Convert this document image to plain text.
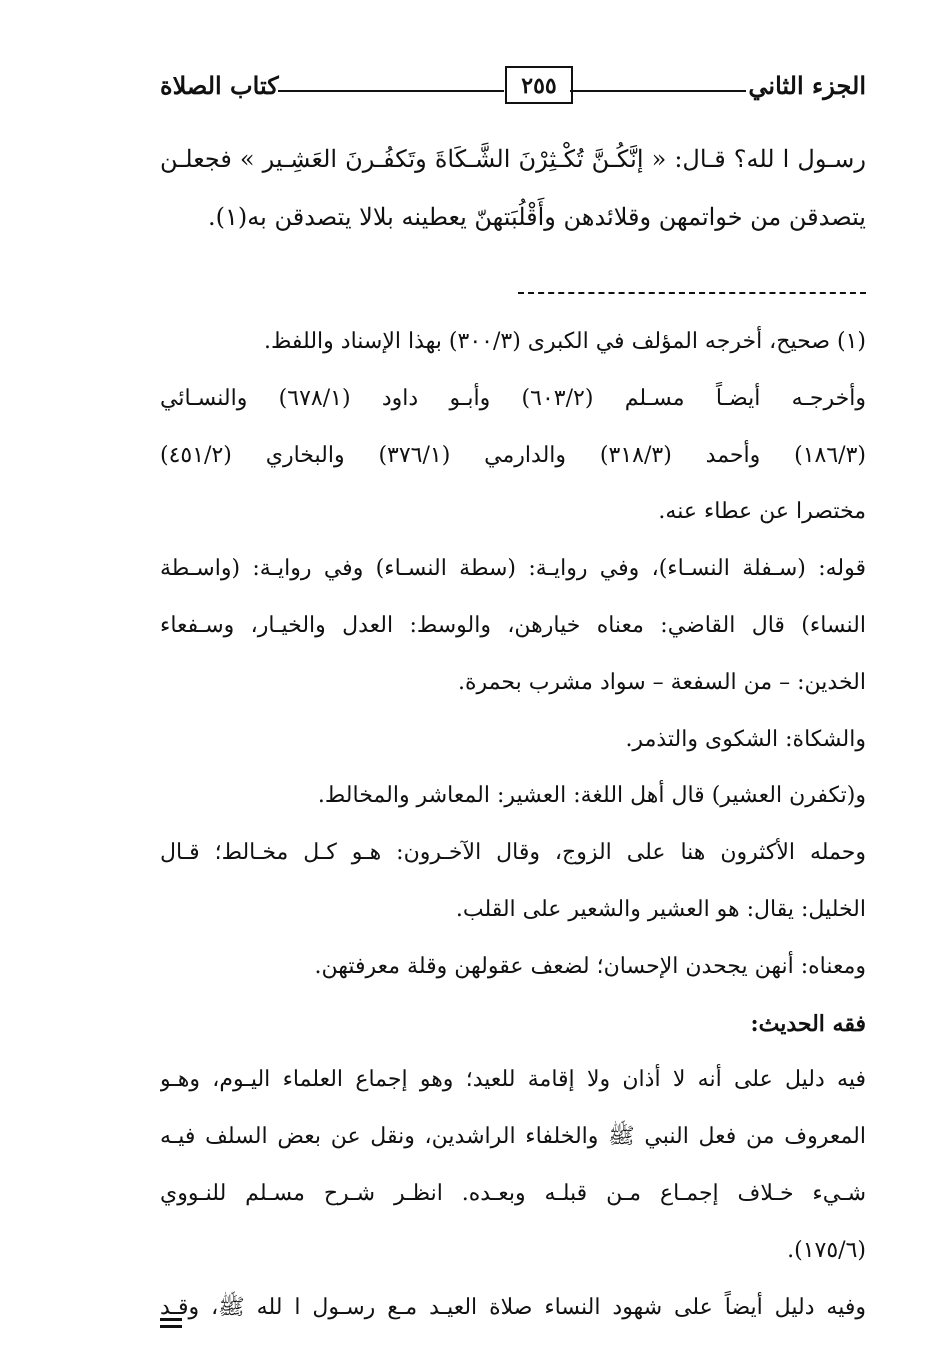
الجزء الثاني
٢٥٥
كتاب الصلاة
رسـول ا لله؟ قـال: « إنَّكُـنَّ تُكْـثِرْنَ الشَّـكَاةَ وتَكفُـرنَ العَشِـير » فجعلـن
يتصدقن من خواتمهن وقلائدهن وأَقْلُبَتهنّ يعطينه بلالا يتصدقن به(١).
(١) صحيح، أخرجه المؤلف في الكبرى (٣٠٠/٣) بهذا الإسناد واللفظ.
وأخرجـه أيضـاً مسـلم (٦٠٣/٢) وأبـو داود (٦٧٨/١) والنسـائي
(١٨٦/٣) وأحمد (٣١٨/٣) والدارمي (٣٧٦/١) والبخاري (٤٥١/٢)
مختصرا عن عطاء عنه.
قوله: (سـفلة النسـاء)، وفي روايـة: (سطة النسـاء) وفي روايـة: (واسـطة
النساء) قال القاضي: معناه خيارهن، والوسط: العدل والخيـار، وسـفعاء
الخدين: – من السفعة – سواد مشرب بحمرة.
والشكاة: الشكوى والتذمر.
و(تكفرن العشير) قال أهل اللغة: العشير: المعاشر والمخالط.
وحمله الأكثرون هنا على الزوج، وقال الآخـرون: هـو كـل مخـالط؛ قـال
الخليل: يقال: هو العشير والشعير على القلب.
ومعناه: أنهن يجحدن الإحسان؛ لضعف عقولهن وقلة معرفتهن.
فقه الحديث:
فيه دليل على أنه لا أذان ولا إقامة للعيد؛ وهو إجماع العلماء اليـوم، وهـو
المعروف من فعل النبي ﷺ والخلفاء الراشدين، ونقل عن بعض السلف فيـه
شـيء خـلاف إجمـاع مـن قبلـه وبعـده. انظـر شـرح مسـلم للنـووي
(١٧٥/٦).
وفيه دليل أيضاً على شهود النساء صلاة العيـد مـع رسـول ا لله ﷺ، وقـد
